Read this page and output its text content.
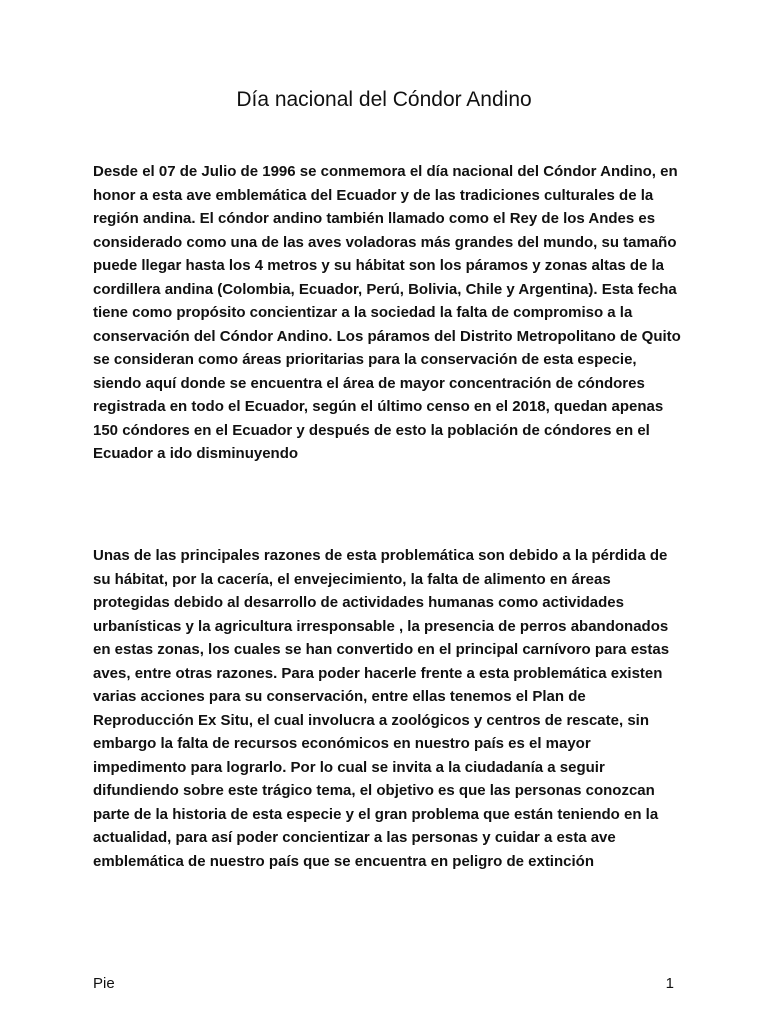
Día nacional del Cóndor Andino

Desde el 07 de Julio de 1996 se conmemora el día nacional del Cóndor Andino, en honor a esta ave emblemática del Ecuador y de las tradiciones culturales de la región andina. El cóndor andino también llamado como el Rey de los Andes es considerado como una de las aves voladoras más grandes del mundo, su tamaño puede llegar hasta los 4 metros y su hábitat son los páramos y zonas altas de la cordillera andina (Colombia, Ecuador, Perú, Bolivia, Chile y Argentina). Esta fecha tiene como propósito concientizar a la sociedad la falta de compromiso a la conservación del Cóndor Andino. Los páramos del Distrito Metropolitano de Quito se consideran como áreas prioritarias para la conservación de esta especie, siendo aquí donde se encuentra el área de mayor concentración de cóndores registrada en todo el Ecuador, según el último censo en el 2018, quedan apenas 150 cóndores en el Ecuador y después de esto la población de cóndores en el Ecuador a ido disminuyendo

Unas de las principales razones de esta problemática son debido a la pérdida de su hábitat, por la cacería, el envejecimiento, la falta de alimento en áreas protegidas debido al desarrollo de actividades humanas como actividades urbanísticas y la agricultura irresponsable , la presencia de perros abandonados en estas zonas, los cuales se han convertido en el principal carnívoro para estas aves, entre otras razones. Para poder hacerle frente a esta problemática existen varias acciones para su conservación, entre ellas tenemos el Plan de Reproducción Ex Situ, el cual involucra a zoológicos y centros de rescate, sin embargo la falta de recursos económicos en nuestro país es el mayor impedimento para lograrlo. Por lo cual se invita a la ciudadanía a seguir difundiendo sobre este trágico tema, el objetivo es que las personas conozcan parte de la historia de esta especie y el gran problema que están teniendo en la actualidad, para así poder concientizar a las personas y cuidar a esta ave emblemática de nuestro país que se encuentra en peligro de extinción

Pie	1
